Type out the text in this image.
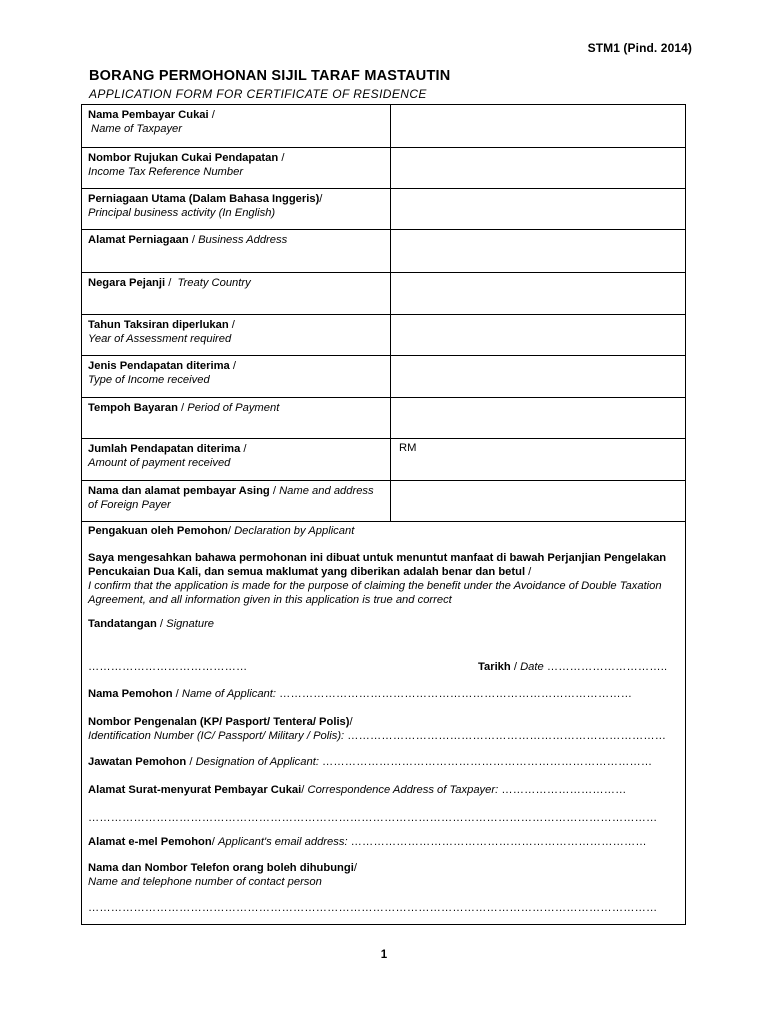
STM1 (Pind. 2014)
BORANG PERMOHONAN SIJIL TARAF MASTAUTIN
APPLICATION FORM FOR CERTIFICATE OF RESIDENCE
Nama Pembayar Cukai /
Name of Taxpayer
Nombor Rujukan Cukai Pendapatan /
Income Tax Reference Number
Perniagaan Utama (Dalam Bahasa Inggeris)/
Principal business activity (In English)
Alamat Perniagaan / Business Address
Negara Pejanji /  Treaty Country
Tahun Taksiran diperlukan /
Year of Assessment required
Jenis Pendapatan diterima /
Type of Income received
Tempoh Bayaran / Period of Payment
Jumlah Pendapatan diterima /
Amount of payment received
RM
Nama dan alamat pembayar Asing / Name and address of Foreign Payer
Pengakuan oleh Pemohon/ Declaration by Applicant
Saya mengesahkan bahawa permohonan ini dibuat untuk menuntut manfaat di bawah Perjanjian Pengelakan Pencukaian Dua Kali, dan semua maklumat yang diberikan adalah benar dan betul /
I confirm that the application is made for the purpose of claiming the benefit under the Avoidance of Double Taxation Agreement, and all information given in this application is true and correct
Tandatangan / Signature
……………………………………	Tarikh / Date …………………………..
Nama Pemohon / Name of Applicant: …………………………………………………………………………………
Nombor Pengenalan (KP/ Pasport/ Tentera/ Polis)/
Identification Number (IC/ Passport/ Military / Polis): …………………………………………………………………………
Jawatan Pemohon / Designation of Applicant: ……………………………………………………………………………
Alamat Surat-menyurat Pembayar Cukai/ Correspondence Address of Taxpayer: ……………………………
……………………………………………………………………………………………………………………………………
Alamat e-mel Pemohon/ Applicant's email address: ……………………………………………………………………
Nama dan Nombor Telefon orang boleh dihubungi/
Name and telephone number of contact person
……………………………………………………………………………………………………………………………………
1
